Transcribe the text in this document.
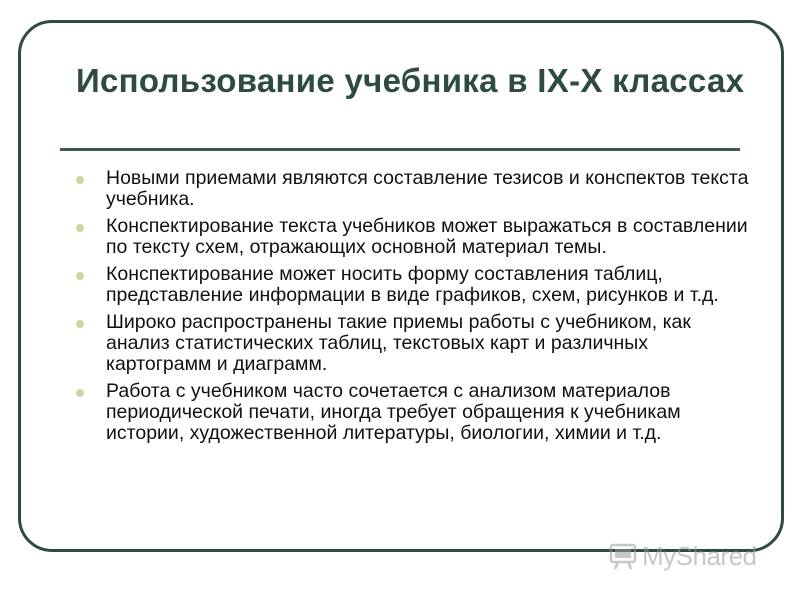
Использование учебника в IX-X классах
Новыми приемами являются составление тезисов и конспектов текста учебника.
Конспектирование текста учебников может выражаться в составлении по тексту схем, отражающих основной материал темы.
Конспектирование может носить форму составления таблиц, представление информации в виде графиков, схем, рисунков и т.д.
Широко распространены такие приемы работы с учебником, как анализ статистических таблиц, текстовых карт и различных картограмм и диаграмм.
Работа с учебником часто сочетается с анализом материалов периодической печати, иногда требует обращения к учебникам истории, художественной литературы, биологии, химии и т.д.
MyShared
